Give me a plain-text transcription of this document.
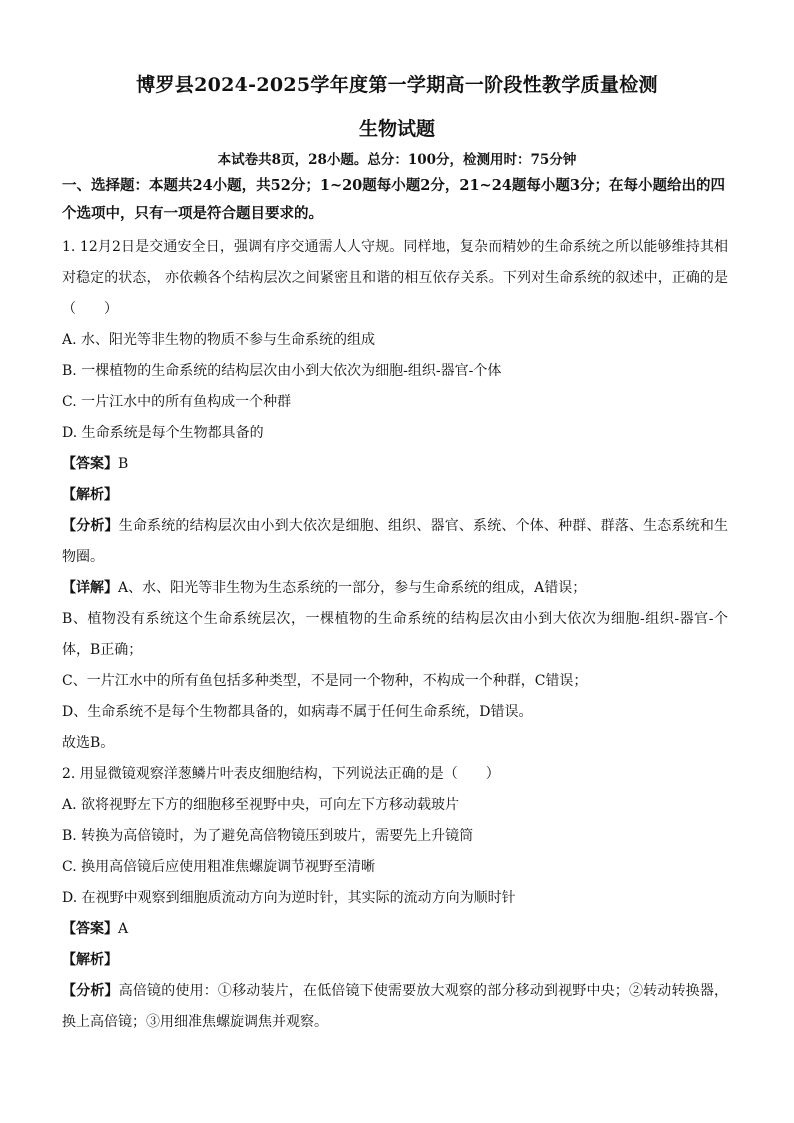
博罗县2024-2025学年度第一学期高一阶段性教学质量检测
生物试题
本试卷共8页，28小题。总分：100分，检测用时：75分钟
一、选择题：本题共24小题，共52分；1~20题每小题2分，21~24题每小题3分；在每小题给出的四个选项中，只有一项是符合题目要求的。
1. 12月2日是交通安全日，强调有序交通需人人守规。同样地，复杂而精妙的生命系统之所以能够维持其相对稳定的状态， 亦依赖各个结构层次之间紧密且和谐的相互依存关系。下列对生命系统的叙述中，正确的是（　　）
A. 水、阳光等非生物的物质不参与生命系统的组成
B. 一棵植物的生命系统的结构层次由小到大依次为细胞-组织-器官-个体
C. 一片江水中的所有鱼构成一个种群
D. 生命系统是每个生物都具备的
【答案】B
【解析】
【分析】生命系统的结构层次由小到大依次是细胞、组织、器官、系统、个体、种群、群落、生态系统和生物圈。
【详解】A、水、阳光等非生物为生态系统的一部分，参与生命系统的组成，A错误；
B、植物没有系统这个生命系统层次，一棵植物的生命系统的结构层次由小到大依次为细胞-组织-器官-个体，B正确；
C、一片江水中的所有鱼包括多种类型，不是同一个物种，不构成一个种群，C错误；
D、生命系统不是每个生物都具备的，如病毒不属于任何生命系统，D错误。
故选B。
2. 用显微镜观察洋葱鳞片叶表皮细胞结构，下列说法正确的是（　　）
A. 欲将视野左下方的细胞移至视野中央，可向左下方移动载玻片
B. 转换为高倍镜时，为了避免高倍物镜压到玻片，需要先上升镜筒
C. 换用高倍镜后应使用粗准焦螺旋调节视野至清晰
D. 在视野中观察到细胞质流动方向为逆时针，其实际的流动方向为顺时针
【答案】A
【解析】
【分析】高倍镜的使用：①移动装片，在低倍镜下使需要放大观察的部分移动到视野中央；②转动转换器，换上高倍镜；③用细准焦螺旋调焦并观察。
